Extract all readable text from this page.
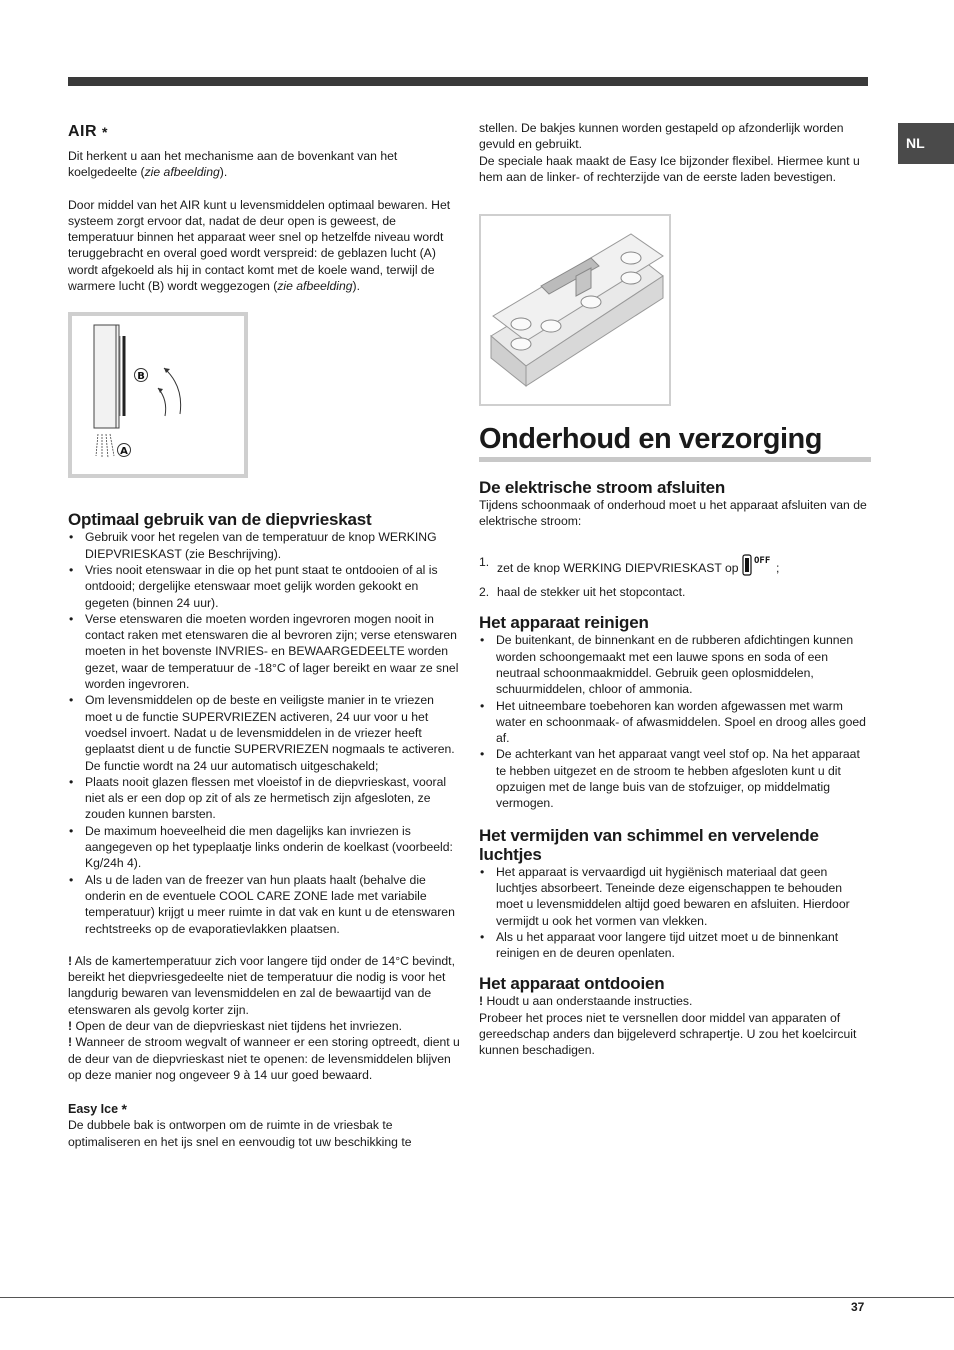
NL
AIR *

Dit herkent u aan het mechanisme aan de bovenkant van het koelgedeelte (zie afbeelding).

Door middel van het AIR kunt u levensmiddelen optimaal bewaren. Het systeem zorgt ervoor dat, nadat de deur open is geweest, de temperatuur binnen het apparaat weer snel op hetzelfde niveau wordt teruggebracht en overal goed wordt verspreid: de geblazen lucht (A) wordt afgekoeld als hij in contact komt met de koele wand, terwijl de warmere lucht (B) wordt weggezogen (zie afbeelding).

B
A
Optimaal gebruik van de diepvrieskast
• Gebruik voor het regelen van de temperatuur de knop WERKING DIEPVRIESKAST (zie Beschrijving).
• Vries nooit etenswaar in die op het punt staat te ontdooien of al is ontdooid; dergelijke etenswaar moet gelijk worden gekookt en gegeten (binnen 24 uur).
• Verse etenswaren die moeten worden ingevroren mogen nooit in contact raken met etenswaren die al bevroren zijn; verse etenswaren moeten in het bovenste INVRIES- en BEWAARGEDEELTE worden gezet, waar de temperatuur de -18°C of lager bereikt en waar ze snel worden ingevroren.
• Om levensmiddelen op de beste en veiligste manier in te vriezen moet u de functie SUPERVRIEZEN activeren, 24 uur voor u het voedsel invoert. Nadat u de levensmiddelen in de vriezer heeft geplaatst dient u de functie SUPERVRIEZEN nogmaals te activeren. De functie wordt na 24 uur automatisch uitgeschakeld;
• Plaats nooit glazen flessen met vloeistof in de diepvrieskast, vooral niet als er een dop op zit of als ze hermetisch zijn afgesloten, ze zouden kunnen barsten.
• De maximum hoeveelheid die men dagelijks kan invriezen is aangegeven op het typeplaatje links onderin de koelkast (voorbeeld: Kg/24h 4).
• Als u de laden van de freezer van hun plaats haalt (behalve die onderin en de eventuele COOL CARE ZONE lade met variabile temperatuur) krijgt u meer ruimte in dat vak en kunt u de etenswaren rechtstreeks op de evaporatievlakken plaatsen.

! Als de kamertemperatuur zich voor langere tijd onder de 14°C bevindt, bereikt het diepvriesgedeelte niet de temperatuur die nodig is voor het langdurig bewaren van levensmiddelen en zal de bewaartijd van de etenswaren als gevolg korter zijn.

! Open de deur van de diepvrieskast niet tijdens het invriezen.

! Wanneer de stroom wegvalt of wanneer er een storing optreedt, dient u de deur van de diepvrieskast niet te openen: de levensmiddelen blijven op deze manier nog ongeveer 9 à 14 uur goed bewaard.

Easy Ice *

De dubbele bak is ontworpen om de ruimte in de vriesbak te optimaliseren en het ijs snel en eenvoudig tot uw beschikking te

stellen. De bakjes kunnen worden gestapeld op afzonderlijk worden gevuld en gebruikt.

De speciale haak maakt de Easy Ice bijzonder flexibel. Hiermee kunt u hem aan de linker- of rechterzijde van de eerste laden bevestigen.

Onderhoud en verzorging
De elektrische stroom afsluiten

Tijdens schoonmaak of onderhoud moet u het apparaat afsluiten van de elektrische stroom:

1. zet de knop WERKING DIEPVRIESKAST op OFF ;
2. haal de stekker uit het stopcontact.
Het apparaat reinigen
• De buitenkant, de binnenkant en de rubberen afdichtingen kunnen worden schoongemaakt met een lauwe spons en soda of een neutraal schoonmaakmiddel. Gebruik geen oplosmiddelen, schuurmiddelen, chloor of ammonia.
• Het uitneembare toebehoren kan worden afgewassen met warm water en schoonmaak- of afwasmiddelen. Spoel en droog alles goed af.
• De achterkant van het apparaat vangt veel stof op. Na het apparaat te hebben uitgezet en de stroom te hebben afgesloten kunt u dit opzuigen met de lange buis van de stofzuiger, op middelmatig vermogen.
Het vermijden van schimmel en vervelende luchtjes
• Het apparaat is vervaardigd uit hygiënisch materiaal dat geen luchtjes absorbeert. Teneinde deze eigenschappen te behouden moet u levensmiddelen altijd goed bewaren en afsluiten. Hierdoor vermijdt u ook het vormen van vlekken.
• Als u het apparaat voor langere tijd uitzet moet u de binnenkant reinigen en de deuren openlaten.
Het apparaat ontdooien

! Houdt u aan onderstaande instructies.

Probeer het proces niet te versnellen door middel van apparaten of gereedschap anders dan bijgeleverd schrapertje. U zou het koelcircuit kunnen beschadigen.

37
